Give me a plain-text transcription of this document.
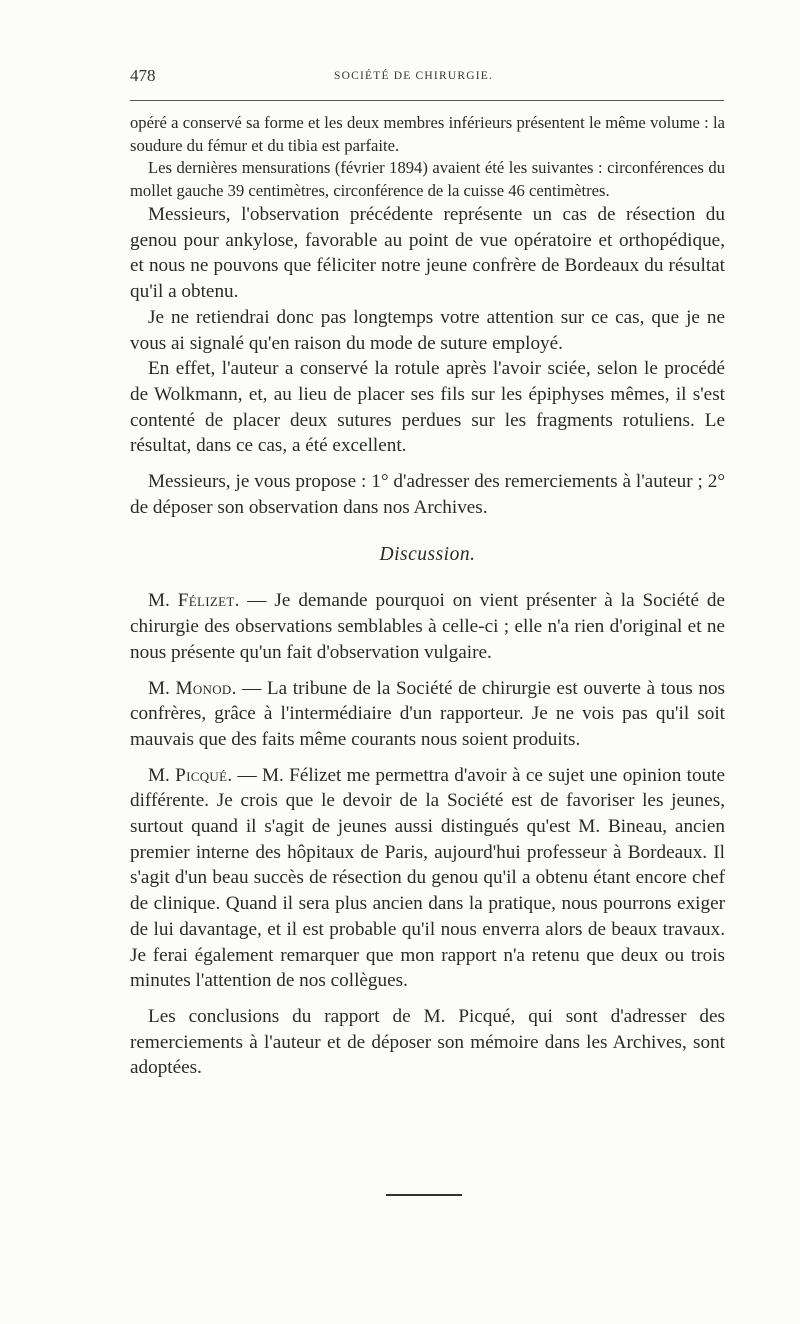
478	SOCIÉTÉ DE CHIRURGIE.

opéré a conservé sa forme et les deux membres inférieurs présentent le même volume : la soudure du fémur et du tibia est parfaite.

Les dernières mensurations (février 1894) avaient été les suivantes : circonférences du mollet gauche 39 centimètres, circonférence de la cuisse 46 centimètres.

Messieurs, l'observation précédente représente un cas de résection du genou pour ankylose, favorable au point de vue opératoire et orthopédique, et nous ne pouvons que féliciter notre jeune confrère de Bordeaux du résultat qu'il a obtenu.

Je ne retiendrai donc pas longtemps votre attention sur ce cas, que je ne vous ai signalé qu'en raison du mode de suture employé.

En effet, l'auteur a conservé la rotule après l'avoir sciée, selon le procédé de Wolkmann, et, au lieu de placer ses fils sur les épiphyses mêmes, il s'est contenté de placer deux sutures perdues sur les fragments rotuliens. Le résultat, dans ce cas, a été excellent.

Messieurs, je vous propose : 1° d'adresser des remerciements à l'auteur ; 2° de déposer son observation dans nos Archives.

Discussion.

M. Félizet. — Je demande pourquoi on vient présenter à la Société de chirurgie des observations semblables à celle-ci ; elle n'a rien d'original et ne nous présente qu'un fait d'observation vulgaire.

M. Monod. — La tribune de la Société de chirurgie est ouverte à tous nos confrères, grâce à l'intermédiaire d'un rapporteur. Je ne vois pas qu'il soit mauvais que des faits même courants nous soient produits.

M. Picqué. — M. Félizet me permettra d'avoir à ce sujet une opinion toute différente. Je crois que le devoir de la Société est de favoriser les jeunes, surtout quand il s'agit de jeunes aussi distingués qu'est M. Bineau, ancien premier interne des hôpitaux de Paris, aujourd'hui professeur à Bordeaux. Il s'agit d'un beau succès de résection du genou qu'il a obtenu étant encore chef de clinique. Quand il sera plus ancien dans la pratique, nous pourrons exiger de lui davantage, et il est probable qu'il nous enverra alors de beaux travaux. Je ferai également remarquer que mon rapport n'a retenu que deux ou trois minutes l'attention de nos collègues.

Les conclusions du rapport de M. Picqué, qui sont d'adresser des remerciements à l'auteur et de déposer son mémoire dans les Archives, sont adoptées.
